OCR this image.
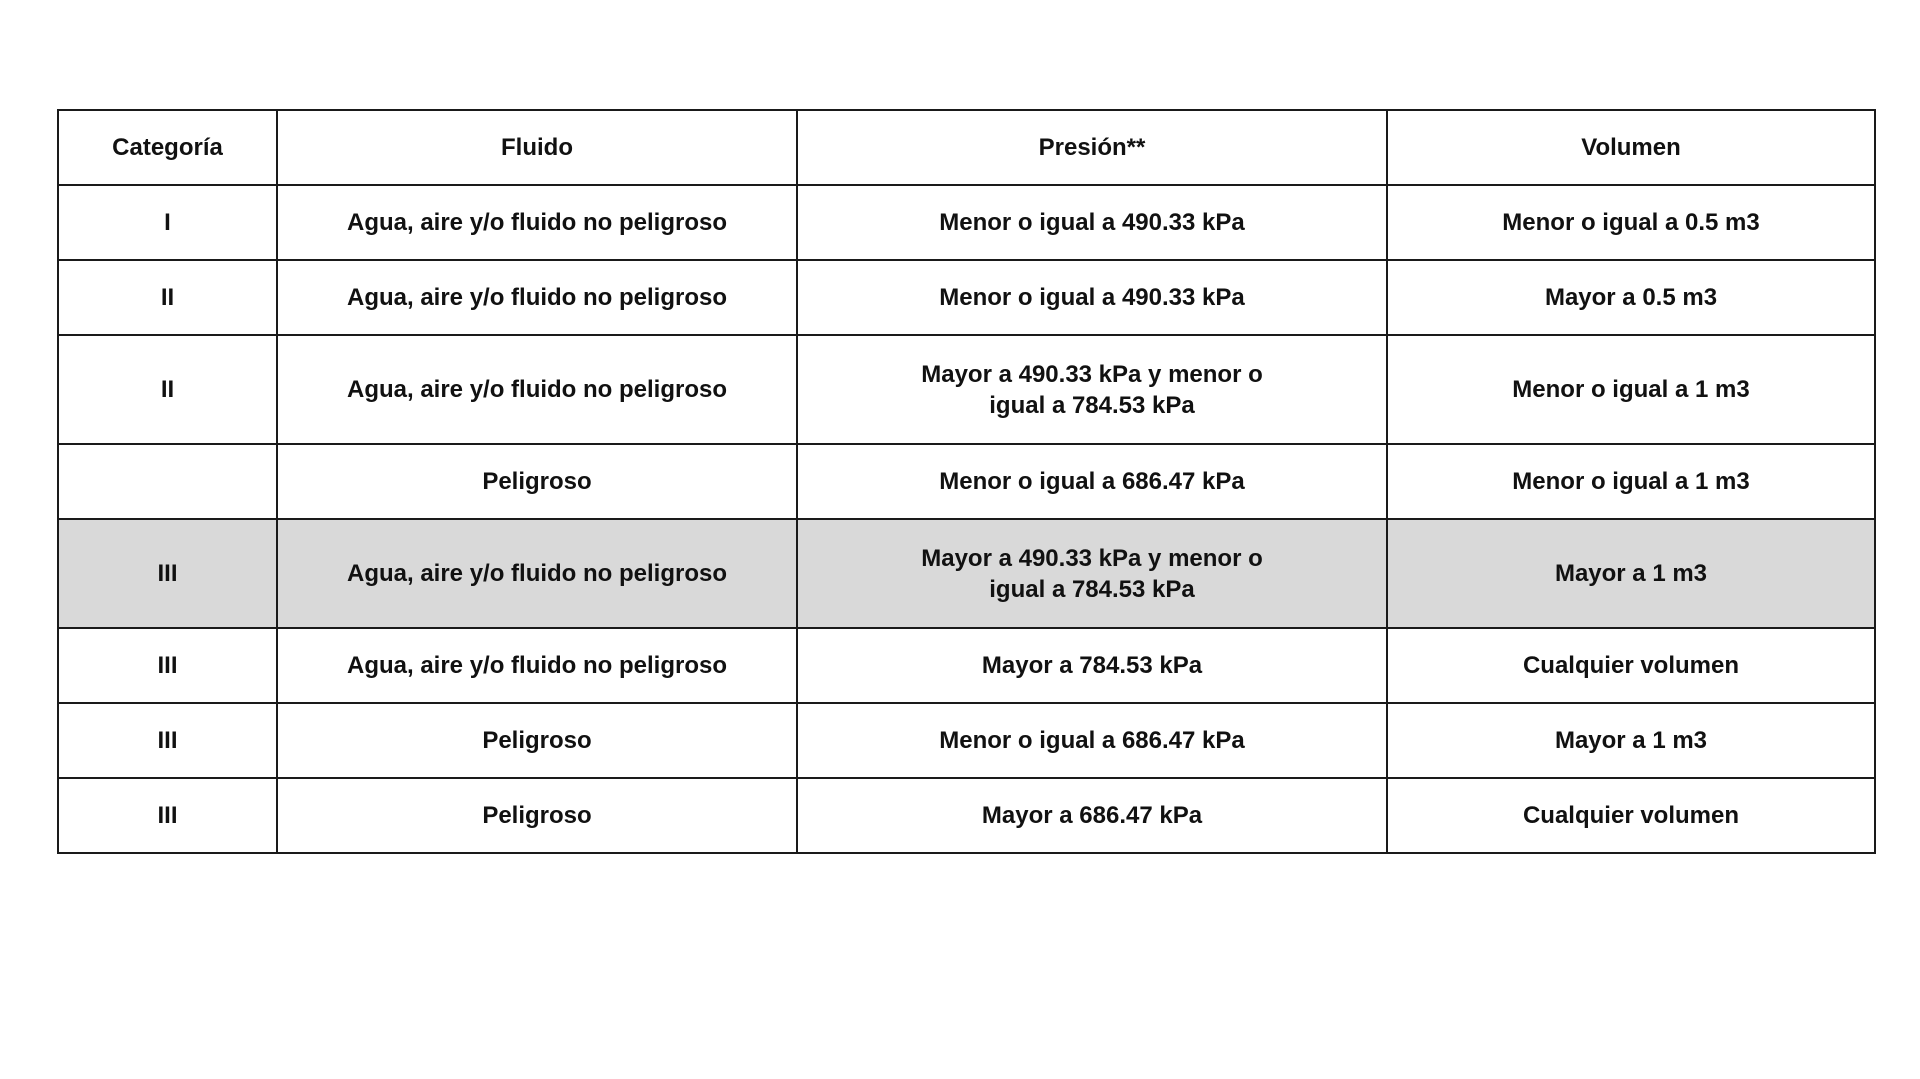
Categoría	Fluido	Presión**	Volumen
I	Agua, aire y/o fluido no peligroso	Menor o igual a 490.33 kPa	Menor o igual a 0.5 m3
II	Agua, aire y/o fluido no peligroso	Menor o igual a 490.33 kPa	Mayor a 0.5 m3
II	Agua, aire y/o fluido no peligroso	Mayor a 490.33 kPa y menor o
igual a 784.53 kPa	Menor o igual a 1 m3
	Peligroso	Menor o igual a 686.47 kPa	Menor o igual a 1 m3
III	Agua, aire y/o fluido no peligroso	Mayor a 490.33 kPa y menor o
igual a 784.53 kPa	Mayor a 1 m3
III	Agua, aire y/o fluido no peligroso	Mayor a 784.53 kPa	Cualquier volumen
III	Peligroso	Menor o igual a 686.47 kPa	Mayor a 1 m3
III	Peligroso	Mayor a 686.47 kPa	Cualquier volumen
